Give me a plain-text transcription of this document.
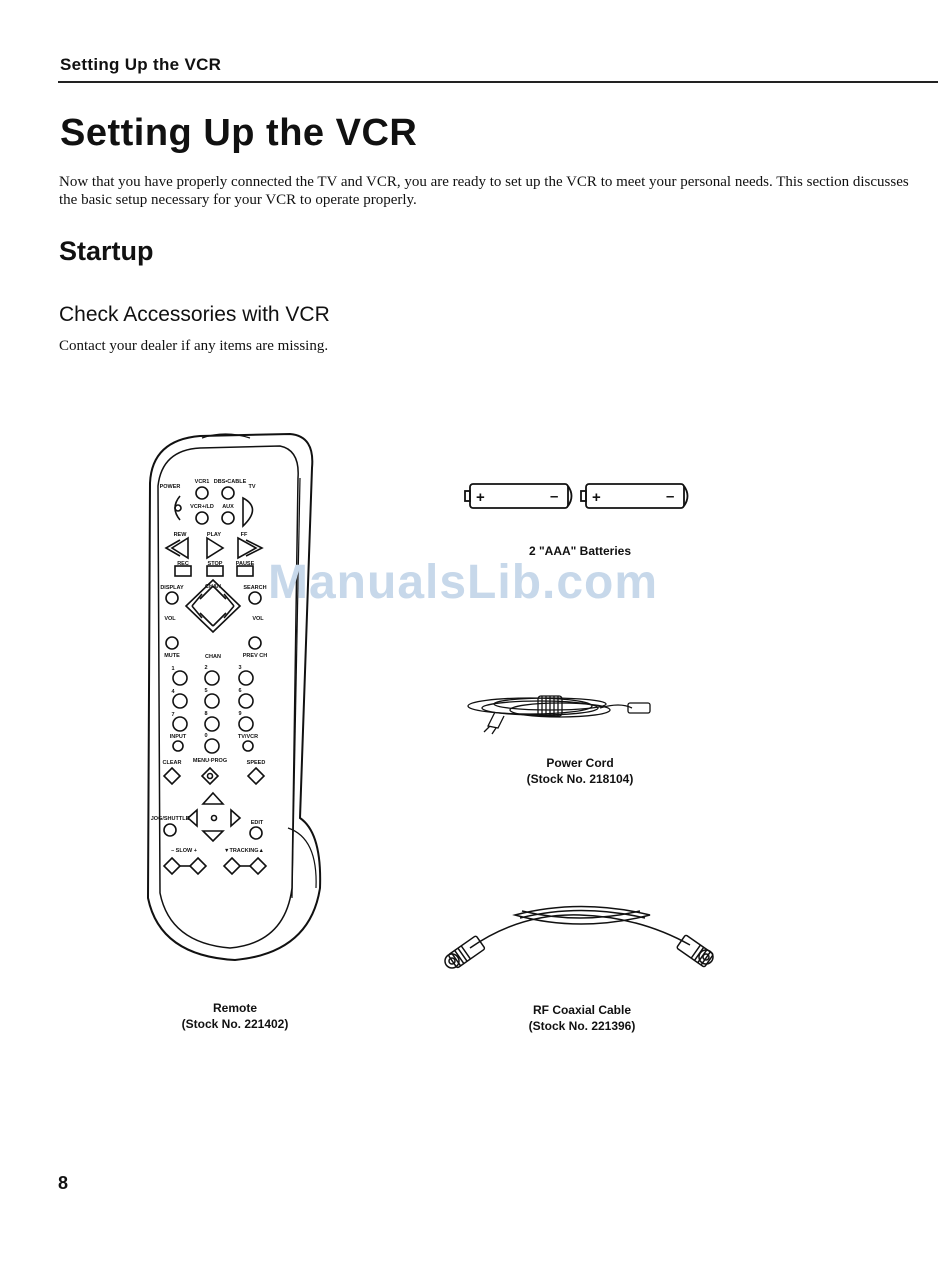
Setting Up the VCR
Setting Up the VCR
Now that you have properly connected the TV and VCR, you are ready to set up the VCR to meet your personal needs. This section discusses the basic setup necessary for your VCR to operate properly.
Startup
Check Accessories with VCR
Contact your dealer if any items are missing.
POWER
VCR1 DBS•CABLE
TV
VCR+/LD AUX
REW	PLAY	FF
REC	STOP PAUSE
DISPLAY	CHAN	SEARCH
VOL	VOL
MUTE	CHAN	PREV CH
1	2	3
4	5	6
7	8	9
INPUT	0	TV/VCR
CLEAR MENU·PROG	SPEED
JOG/SHUTTLE
EDIT
– SLOW +	▼TRACKING▲
Remote
(Stock No. 221402)
+	– +	–
2 "AAA" Batteries
ManualsLib.com
Power Cord
(Stock No. 218104)
RF Coaxial Cable
(Stock No. 221396)
8
